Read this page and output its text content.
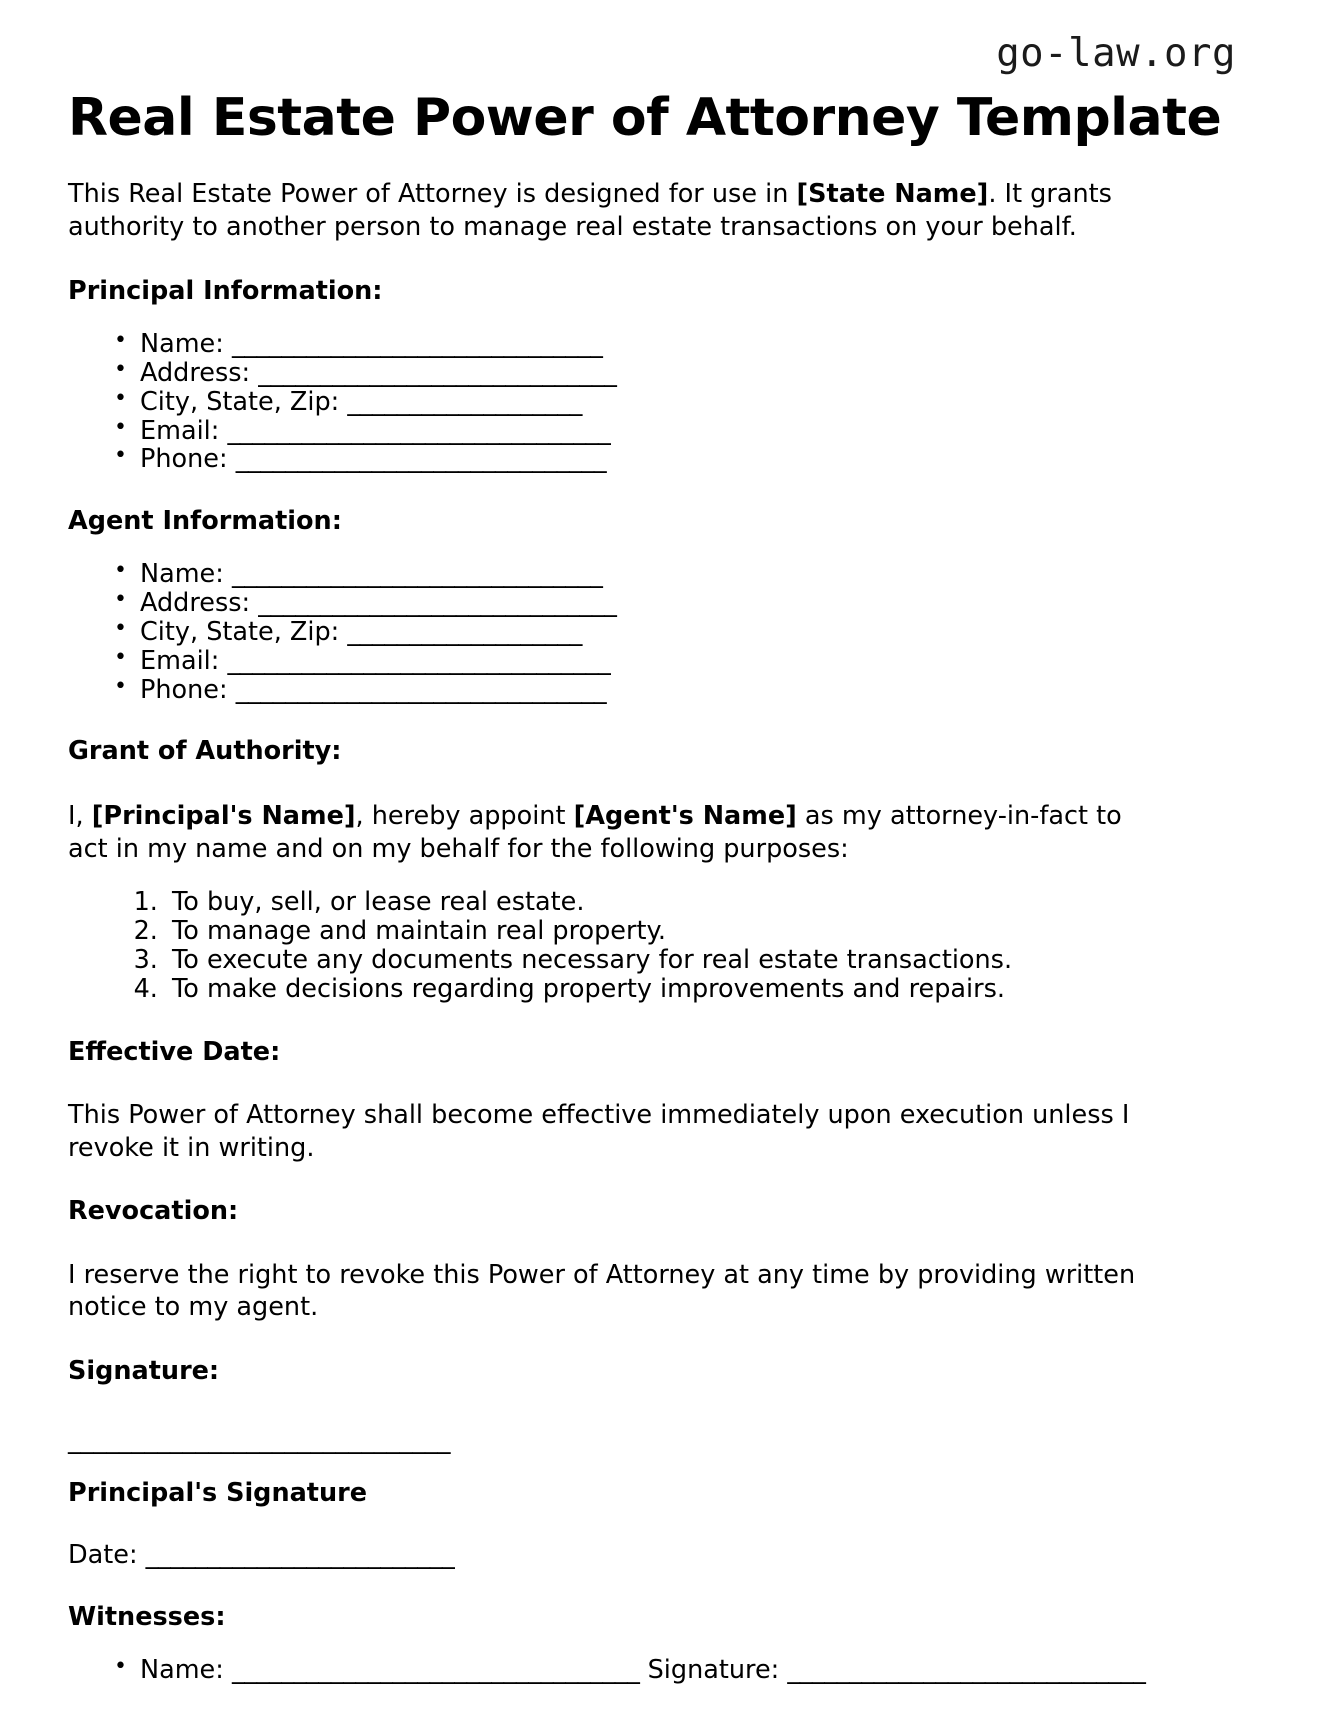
go-law.org
Real Estate Power of Attorney Template

This Real Estate Power of Attorney is designed for use in [State Name]. It grants authority to another person to manage real estate transactions on your behalf.

Principal Information:
• Name: ______________________________
• Address: _____________________________
• City, State, Zip: ___________________
• Email: _______________________________
• Phone: ______________________________
Agent Information:
• Name: ______________________________
• Address: _____________________________
• City, State, Zip: ___________________
• Email: _______________________________
• Phone: ______________________________
Grant of Authority:

I, [Principal's Name], hereby appoint [Agent's Name] as my attorney-in-fact to act in my name and on my behalf for the following purposes:

1. To buy, sell, or lease real estate.
2. To manage and maintain real property.
3. To execute any documents necessary for real estate transactions.
4. To make decisions regarding property improvements and repairs.
Effective Date:

This Power of Attorney shall become effective immediately upon execution unless I revoke it in writing.

Revocation:

I reserve the right to revoke this Power of Attorney at any time by providing written notice to my agent.

Signature:
______________________________
Principal's Signature
Date: _________________________
Witnesses:
• Name: _________________________________ Signature: _____________________________
